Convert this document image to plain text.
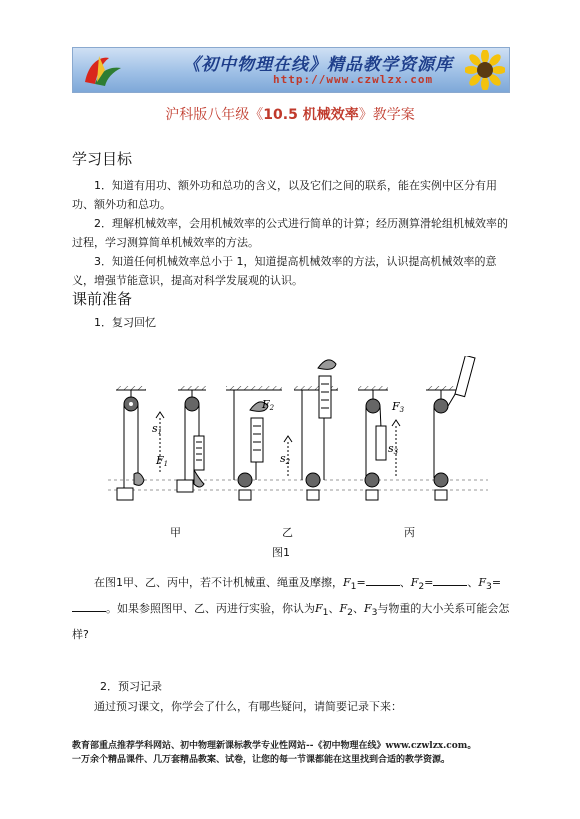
《初中物理在线》精品教学资源库
http://www.czwlzx.com
沪科版八年级《10.5 机械效率》教学案
学习目标
1．知道有用功、额外功和总功的含义，以及它们之间的联系，能在实例中区分有用功、额外功和总功。
2．理解机械效率，会用机械效率的公式进行简单的计算；经历测算滑轮组机械效率的过程，学习测算简单机械效率的方法。
3．知道任何机械效率总小于 1，知道提高机械效率的方法，认识提高机械效率的意义，增强节能意识，提高对科学发展观的认识。
课前准备
1．复习回忆
s1
F1
F2
s2
F3
s3
甲	乙	丙
图1
在图1甲、乙、丙中，若不计机械重、绳重及摩擦，$F_1=$	、$F_2=$	、$F_3=$。如果参照图甲、乙、丙进行实验，你认为$F_1$、$F_2$、$F_3$与物重的大小关系可能会怎样?
2．预习记录
通过预习课文，你学会了什么，有哪些疑问，请简要记录下来：
教育部重点推荐学科网站、初中物理新课标教学专业性网站--《初中物理在线》www.czwlzx.com。
一万余个精品课件、几万套精品教案、试卷，让您的每一节课都能在这里找到合适的教学资源。
